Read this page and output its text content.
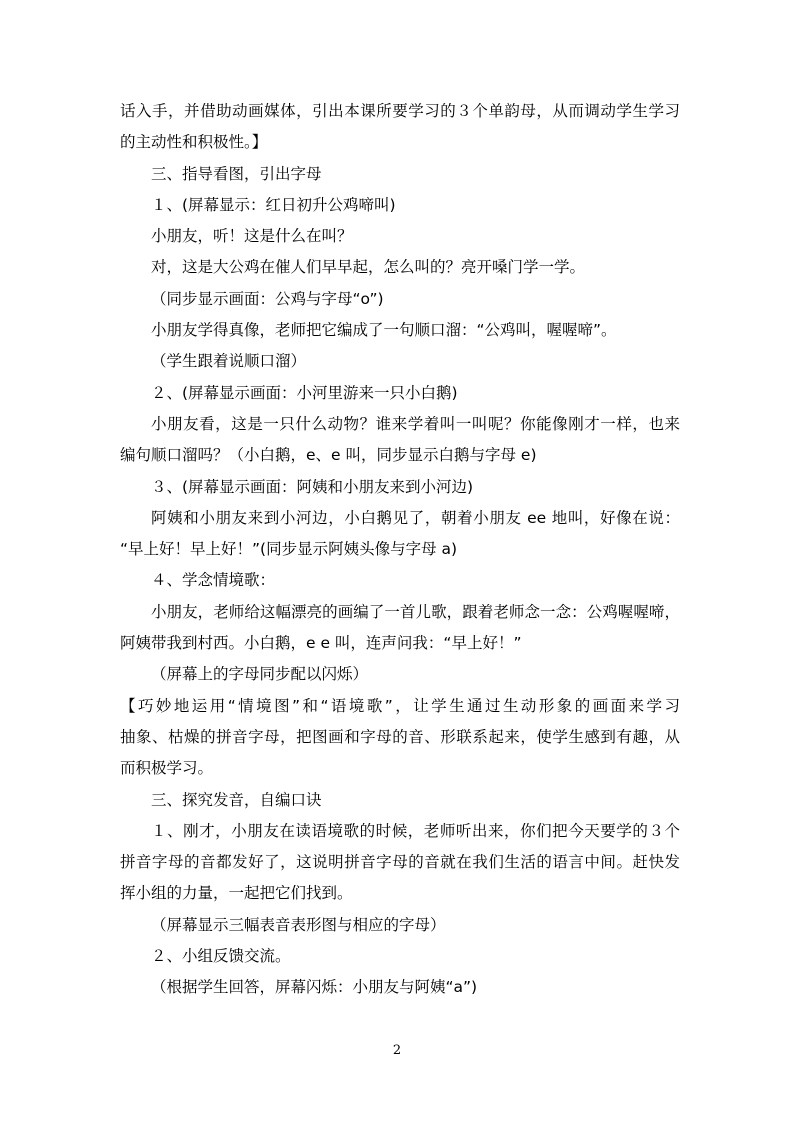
话入手，并借助动画媒体，引出本课所要学习的３个单韵母，从而调动学生学习
的主动性和积极性。】
三、指导看图，引出字母
１、(屏幕显示：红日初升公鸡啼叫)
小朋友，听！这是什么在叫？
对，这是大公鸡在催人们早早起，怎么叫的？亮开嗓门学一学。
（同步显示画面：公鸡与字母“o”)
小朋友学得真像，老师把它编成了一句顺口溜：“公鸡叫，喔喔啼”。
（学生跟着说顺口溜）
２、(屏幕显示画面：小河里游来一只小白鹅)
小朋友看，这是一只什么动物？谁来学着叫一叫呢？你能像刚才一样，也来
编句顺口溜吗？（小白鹅，e、e 叫，同步显示白鹅与字母 e)
３、(屏幕显示画面：阿姨和小朋友来到小河边)
阿姨和小朋友来到小河边，小白鹅见了，朝着小朋友 ee 地叫，好像在说：
“早上好！早上好！”(同步显示阿姨头像与字母 a)
４、学念情境歌：
小朋友，老师给这幅漂亮的画编了一首儿歌，跟着老师念一念：公鸡喔喔啼，
阿姨带我到村西。小白鹅，e e 叫，连声问我：“早上好！”
（屏幕上的字母同步配以闪烁）
【巧妙地运用“情境图”和“语境歌”，让学生通过生动形象的画面来学习
抽象、枯燥的拼音字母，把图画和字母的音、形联系起来，使学生感到有趣，从
而积极学习。
三、探究发音，自编口诀
１、刚才，小朋友在读语境歌的时候，老师听出来，你们把今天要学的３个
拼音字母的音都发好了，这说明拼音字母的音就在我们生活的语言中间。赶快发
挥小组的力量，一起把它们找到。
（屏幕显示三幅表音表形图与相应的字母）
２、小组反馈交流。
（根据学生回答，屏幕闪烁：小朋友与阿姨“a”)
2
